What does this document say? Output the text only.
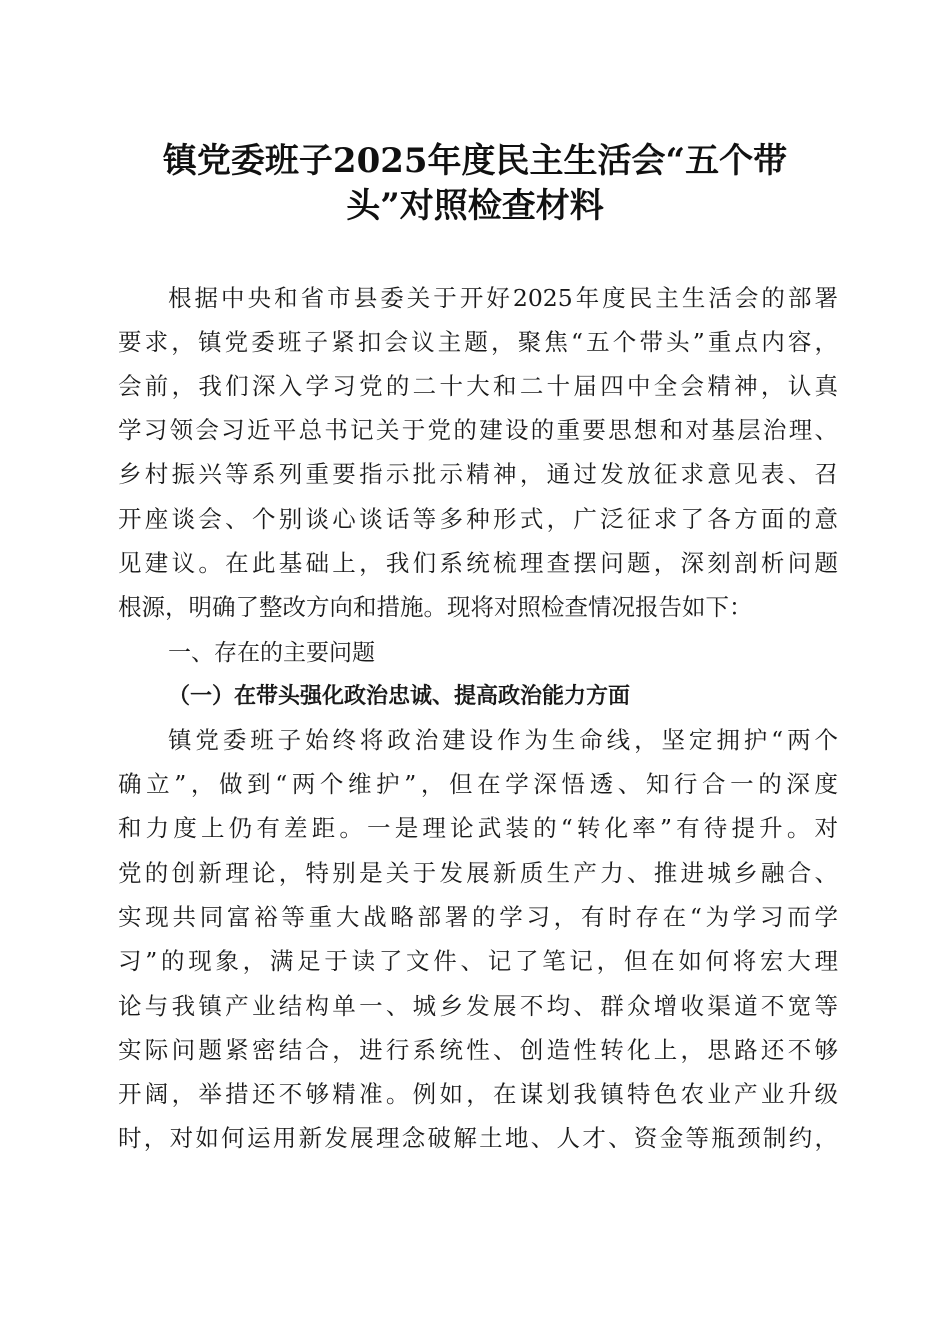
镇党委班子2025年度民主生活会“五个带
头”对照检查材料
根据中央和省市县委关于开好2025年度民主生活会的部署
要求，镇党委班子紧扣会议主题，聚焦“五个带头”重点内容，
会前，我们深入学习党的二十大和二十届四中全会精神，认真
学习领会习近平总书记关于党的建设的重要思想和对基层治理、
乡村振兴等系列重要指示批示精神，通过发放征求意见表、召
开座谈会、个别谈心谈话等多种形式，广泛征求了各方面的意
见建议。在此基础上，我们系统梳理查摆问题，深刻剖析问题
根源，明确了整改方向和措施。现将对照检查情况报告如下：
一、存在的主要问题
（一）在带头强化政治忠诚、提高政治能力方面
镇党委班子始终将政治建设作为生命线，坚定拥护“两个
确立”，做到“两个维护”，但在学深悟透、知行合一的深度
和力度上仍有差距。一是理论武装的“转化率”有待提升。对
党的创新理论，特别是关于发展新质生产力、推进城乡融合、
实现共同富裕等重大战略部署的学习，有时存在“为学习而学
习”的现象，满足于读了文件、记了笔记，但在如何将宏大理
论与我镇产业结构单一、城乡发展不均、群众增收渠道不宽等
实际问题紧密结合，进行系统性、创造性转化上，思路还不够
开阔，举措还不够精准。例如，在谋划我镇特色农业产业升级
时，对如何运用新发展理念破解土地、人才、资金等瓶颈制约，
